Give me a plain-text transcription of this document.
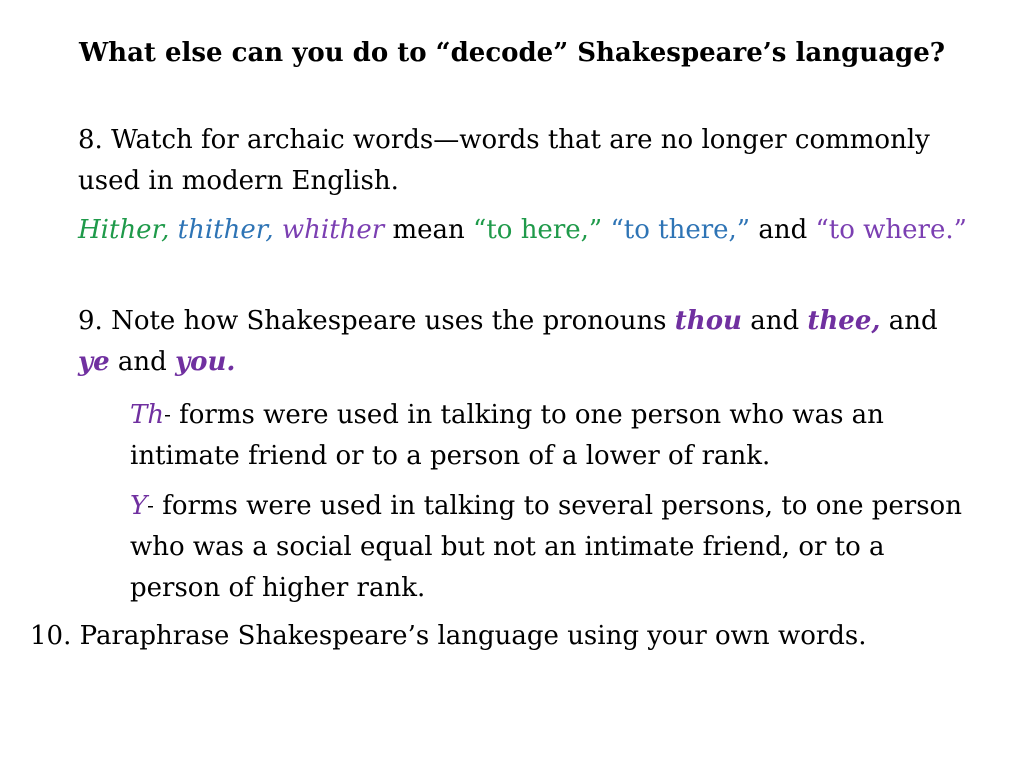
What else can you do to “decode” Shakespeare’s language?

8. Watch for archaic words—words that are no longer commonly used in modern English.

Hither, thither, whither mean “to here,” “to there,” and “to where.”

9. Note how Shakespeare uses the pronouns thou and thee, and
ye and you.

Th- forms were used in talking to one person who was an intimate friend or to a person of a lower of rank.

Y- forms were used in talking to several persons, to one person who was a social equal but not an intimate friend, or to a person of higher rank.

10. Paraphrase Shakespeare’s language using your own words.
